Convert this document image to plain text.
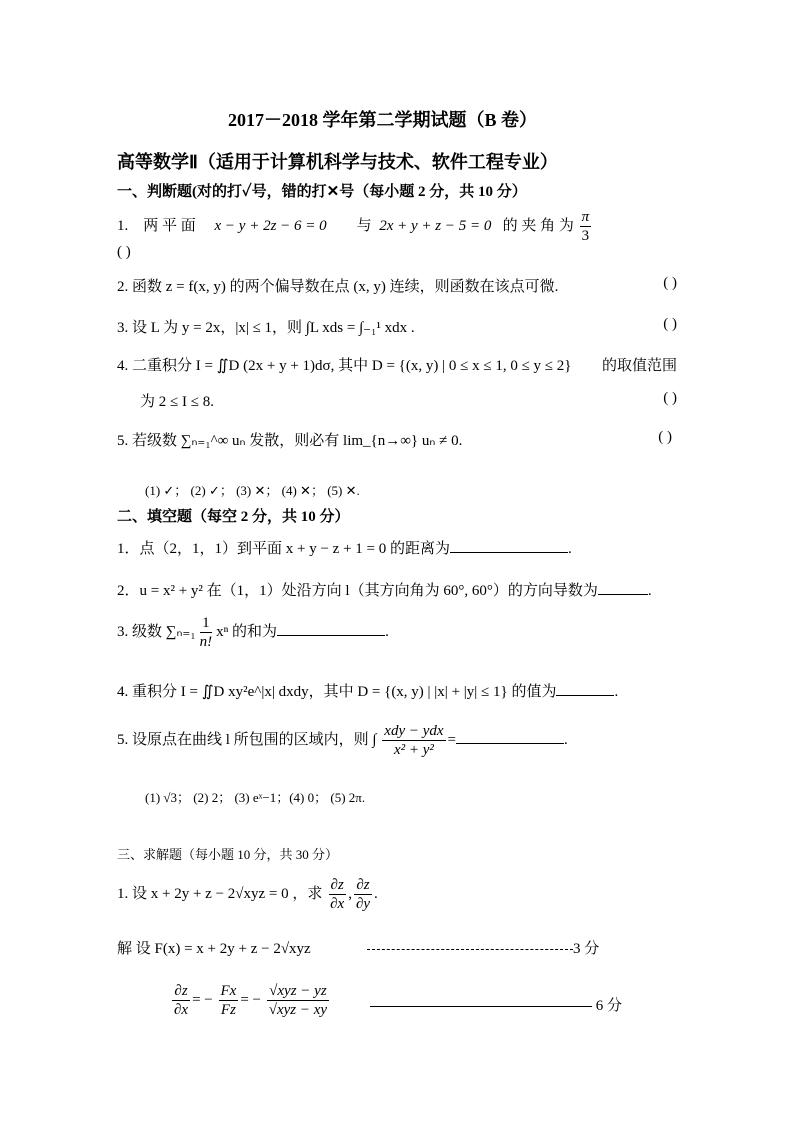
2017－2018 学年第二学期试题（B 卷）
高等数学Ⅱ（适用于计算机科学与技术、软件工程专业）
一、判断题(对的打✓号，错的打✕号（每小题 2 分，共 10 分）
1. 两 平 面 x − y + 2z − 6 = 0 与 2x + y + z − 5 = 0 的 夹 角 为 $\frac{\pi}{3}$
( )
2. 函数 z = f(x, y) 的两个偏导数在点 (x, y) 连续，则函数在该点可微.	( )
3. 设 L 为 y = 2x，|x| ≤ 1，则 ∫L xds = ∫₋₁¹ xdx .	( )
4. 二重积分 I = ∬D (2x + y + 1)dσ, 其中 D = {(x, y) | 0 ≤ x ≤ 1, 0 ≤ y ≤ 2} 的取值范围
为 2 ≤ I ≤ 8.	( )
5. 若级数 ∑ₙ₌₁^∞ uₙ 发散，则必有 lim_{n→∞} uₙ ≠ 0.	( )
(1) ✓； (2) ✓； (3) ✕； (4) ✕； (5) ✕.
二、填空题（每空 2 分，共 10 分）
1．点（2，1，1）到平面 x + y − z + 1 = 0 的距离为	.
2．u = x² + y² 在（1，1）处沿方向 l（其方向角为 60°, 60°）的方向导数为	.
3. 级数 $\sum_{n=1} \frac{1}{n!}$ xⁿ 的和为	.
4. 重积分 I = ∬D xy²e^|x| dxdy，其中 D = {(x, y) | |x| + |y| ≤ 1} 的值为	.
5. 设原点在曲线 l 所包围的区域内，则 ∫ $\frac{\text{xdy − ydx}}{\text{x² + y²}}$ =	.
(1) √3； (2) 2； (3) eˣ−1；(4) 0； (5) 2π.
三、求解题（每小题 10 分，共 30 分）
1. 设 x + 2y + z − 2√xyz = 0 ，求 $\frac{\partial z}{\partial x}$ , $\frac{\partial z}{\partial y}$ .
解 设 F(x) = x + 2y + z − 2√xyz	3 分
$\frac{\partial z}{\partial x}$ = − $\frac{Fx}{Fz}$ = − $\frac{\text{√xyz − yz}}{\text{√xyz − xy}}$	6 分
